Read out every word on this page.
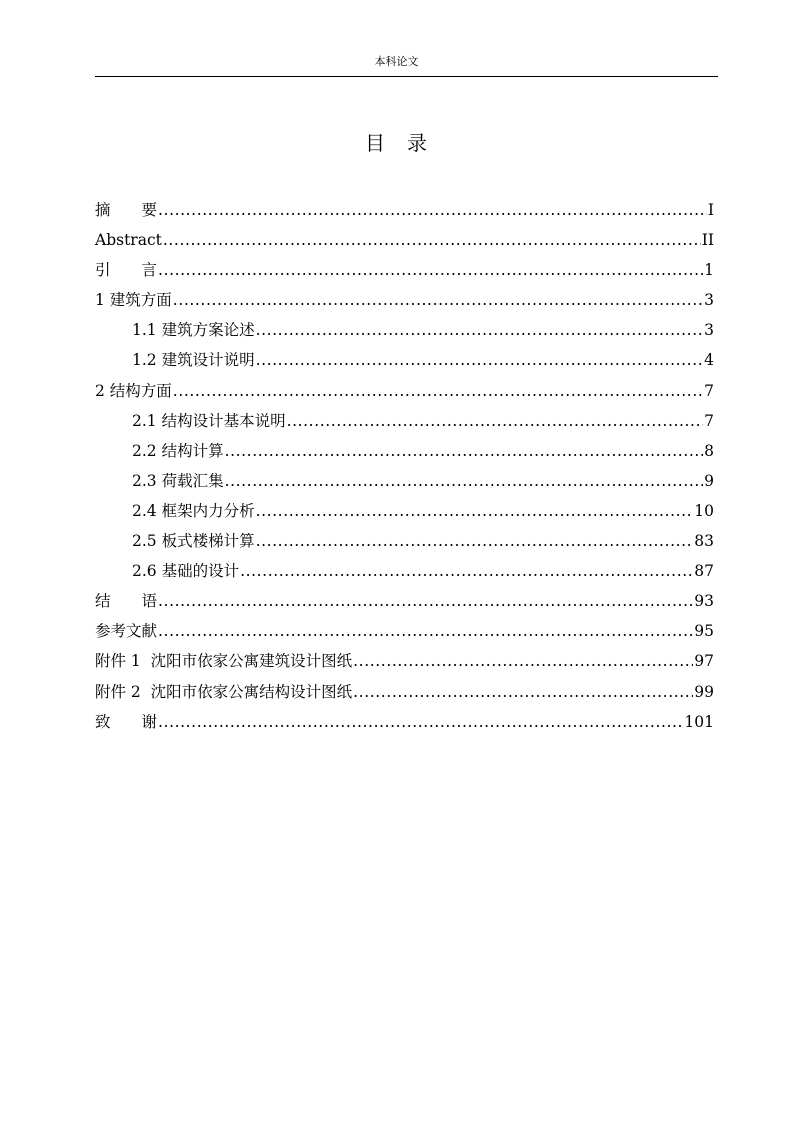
本科论文
目　录
摘　　要 .....	I
Abstract .....	II
引　　言 .....	1
1 建筑方面 .....	3
1.1 建筑方案论述 .....	3
1.2 建筑设计说明 .....	4
2 结构方面 .....	7
2.1 结构设计基本说明 .....	7
2.2 结构计算 .....	8
2.3 荷载汇集 .....	9
2.4 框架内力分析 .....	10
2.5 板式楼梯计算 .....	83
2.6 基础的设计 .....	87
结　　语 .....	93
参考文献 .....	95
附件 1  沈阳市依家公寓建筑设计图纸 .....	97
附件 2  沈阳市依家公寓结构设计图纸 .....	99
致　　谢 .....	101
